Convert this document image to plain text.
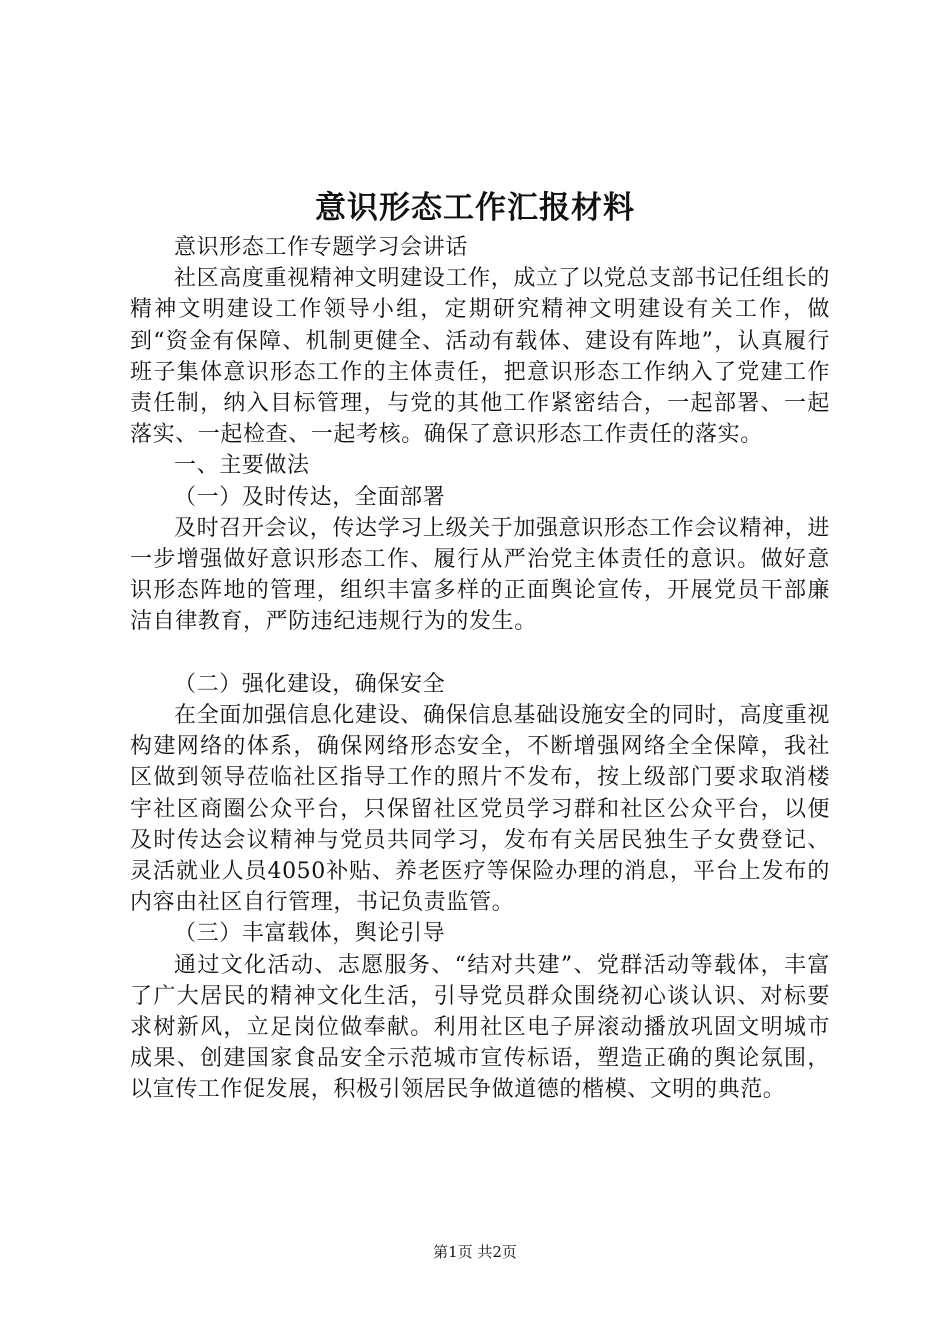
意识形态工作汇报材料

意识形态工作专题学习会讲话

社区高度重视精神文明建设工作，成立了以党总支部书记任组长的精神文明建设工作领导小组，定期研究精神文明建设有关工作，做到“资金有保障、机制更健全、活动有载体、建设有阵地”，认真履行班子集体意识形态工作的主体责任，把意识形态工作纳入了党建工作责任制，纳入目标管理，与党的其他工作紧密结合，一起部署、一起落实、一起检查、一起考核。确保了意识形态工作责任的落实。

一、主要做法

（一）及时传达，全面部署

及时召开会议，传达学习上级关于加强意识形态工作会议精神，进一步增强做好意识形态工作、履行从严治党主体责任的意识。做好意识形态阵地的管理，组织丰富多样的正面舆论宣传，开展党员干部廉洁自律教育，严防违纪违规行为的发生。

（二）强化建设，确保安全

在全面加强信息化建设、确保信息基础设施安全的同时，高度重视构建网络的体系，确保网络形态安全，不断增强网络全全保障，我社区做到领导莅临社区指导工作的照片不发布，按上级部门要求取消楼宇社区商圈公众平台，只保留社区党员学习群和社区公众平台，以便及时传达会议精神与党员共同学习，发布有关居民独生子女费登记、灵活就业人员4050补贴、养老医疗等保险办理的消息，平台上发布的内容由社区自行管理，书记负责监管。

（三）丰富载体，舆论引导

通过文化活动、志愿服务、“结对共建”、党群活动等载体，丰富了广大居民的精神文化生活，引导党员群众围绕初心谈认识、对标要求树新风，立足岗位做奉献。利用社区电子屏滚动播放巩固文明城市成果、创建国家食品安全示范城市宣传标语，塑造正确的舆论氛围，以宣传工作促发展，积极引领居民争做道德的楷模、文明的典范。

第1页 共2页
